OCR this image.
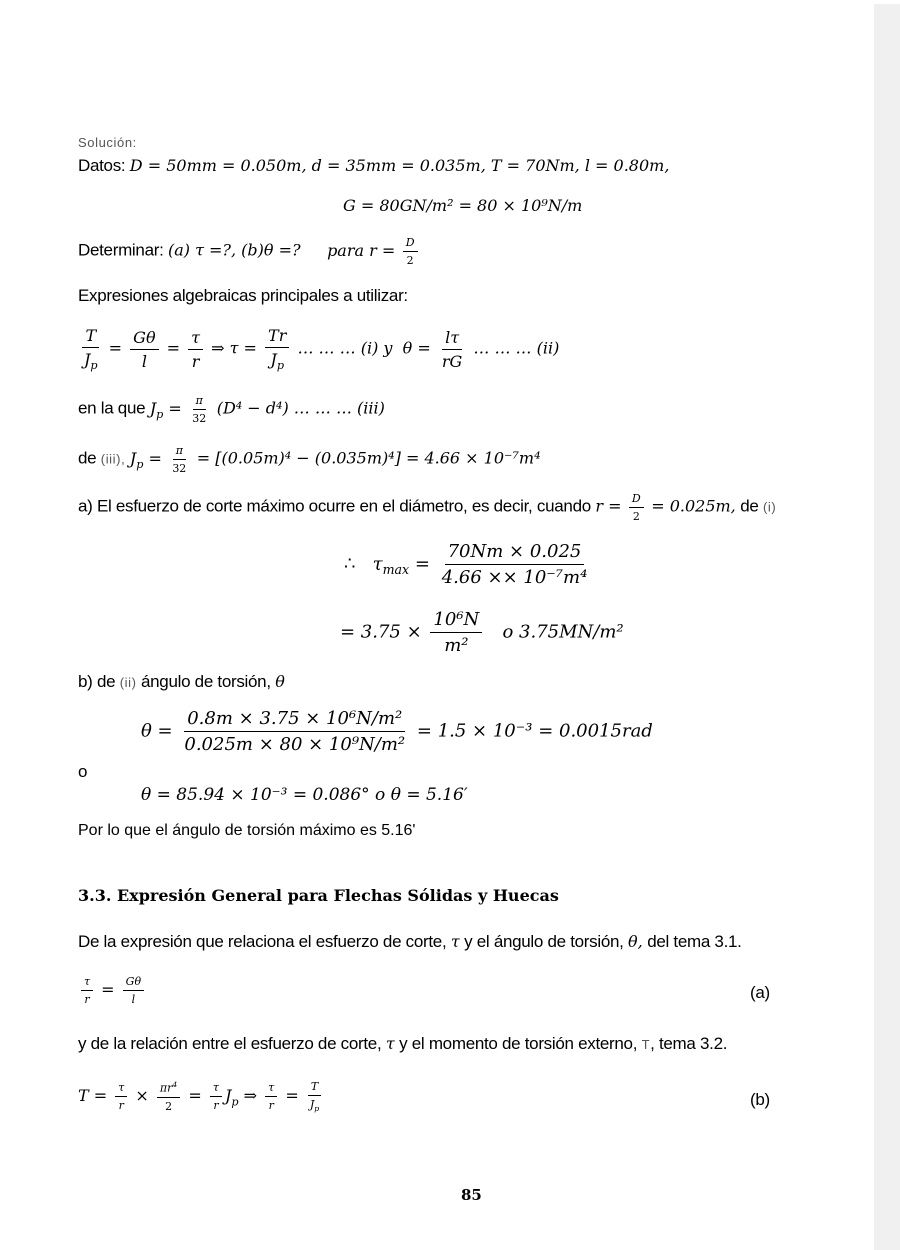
Solución:
Datos: D = 50mm = 0.050m, d = 35mm = 0.035m, T = 70Nm, l = 0.80m,
G = 80GN/m² = 80 × 10⁹N/m
Determinar: (a) τ =?, (b)θ =? para $r = \frac{D}{2}$
Expresiones algebraicas principales a utilizar:
$\frac{T}{J_p} = \frac{G\theta}{l} = \frac{\tau}{r}$ ⇒ $\tau = \frac{Tr}{J_p}$ … … … (i) y  $\theta = \frac{l\tau}{rG}$ … … … (ii)
en la que $J_p = \frac{\pi}{32} (D^4 - d^4)$ … … … (iii)
de (iii), $J_p = \frac{\pi}{32} = [(0.05m)^4 - (0.035m)^4] = 4.66 \times 10^{-7}m^4$
a) El esfuerzo de corte máximo ocurre en el diámetro, es decir, cuando $r = \frac{D}{2} = 0.025m$, de (i)
∴ $\tau_{max} = \frac{70Nm \times 0.025}{\text{4.66 ×× 10⁻⁷m⁴}}$
= $3.75 \times \frac{\text{10⁶N}}{\text{m²}}$ o 3.75MN/m²
b) de (ii) ángulo de torsión, θ
$\theta = \frac{\text{0.8m × 3.75 × 10⁶N/m²}}{\text{0.025m × 80 × 10⁹N/m²}} = 1.5 \times 10^{-3} = 0.0015rad$
o
θ = 85.94 × 10⁻³ = 0.086° o θ = 5.16′
Por lo que el ángulo de torsión máximo es 5.16'
3.3. Expresión General para Flechas Sólidas y Huecas
De la expresión que relaciona el esfuerzo de corte, τ y el ángulo de torsión, θ, del tema 3.1.
$\frac{\tau}{r} = \frac{G\theta}{l}$	(a)
y de la relación entre el esfuerzo de corte, τ y el momento de torsión externo, T, tema 3.2.
$T = \frac{\tau}{r} \times \frac{\pi r^4}{2} = \frac{\tau}{r} J_p$ ⇒ $\frac{\tau}{r} = \frac{T}{J_p}$	(b)
85
